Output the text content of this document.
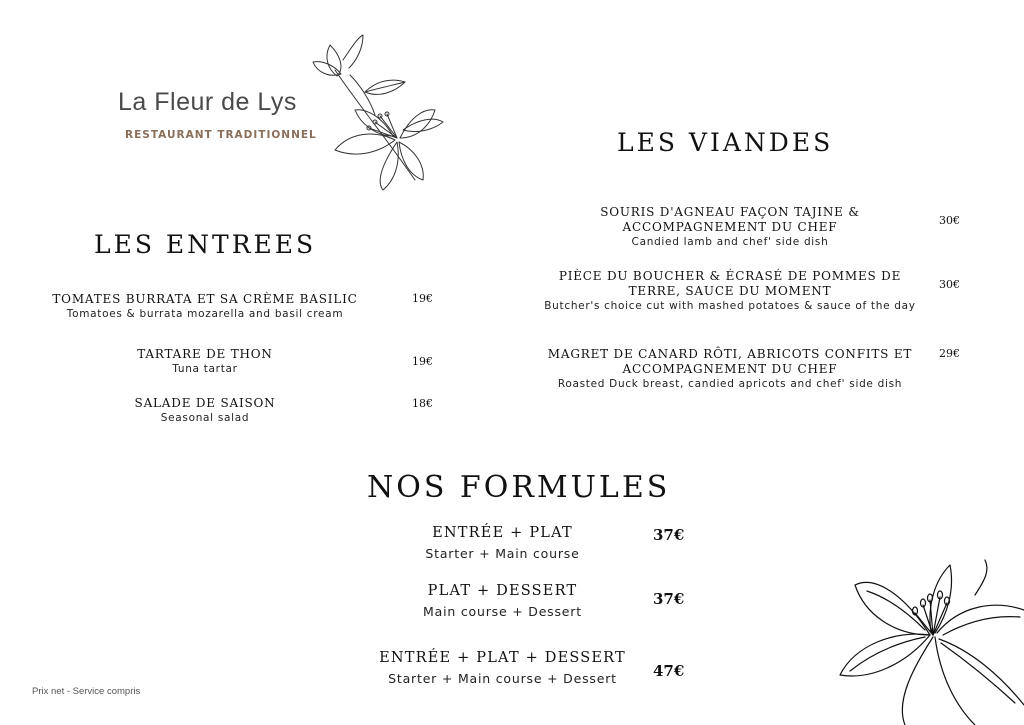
La Fleur de Lys
RESTAURANT TRADITIONNEL
LES ENTREES
TOMATES BURRATA ET SA CRÈME BASILIC
Tomatoes & burrata mozarella and basil cream
19€
TARTARE DE THON
Tuna tartar
19€
SALADE DE SAISON
Seasonal salad
18€
LES VIANDES
SOURIS D'AGNEAU FAÇON TAJINE &
ACCOMPAGNEMENT DU CHEF
Candied lamb and chef' side dish
30€
PIÈCE DU BOUCHER & ÉCRASÉ DE POMMES DE
TERRE, SAUCE DU MOMENT
Butcher's choice cut with mashed potatoes & sauce of the day
30€
MAGRET DE CANARD RÔTI, ABRICOTS CONFITS ET
ACCOMPAGNEMENT DU CHEF
Roasted Duck breast, candied apricots and chef' side dish
29€
NOS FORMULES
ENTRÉE + PLAT
Starter + Main course
37€
PLAT + DESSERT
Main course + Dessert
37€
ENTRÉE + PLAT + DESSERT
Starter + Main course + Dessert	47€
Prix net - Service compris
